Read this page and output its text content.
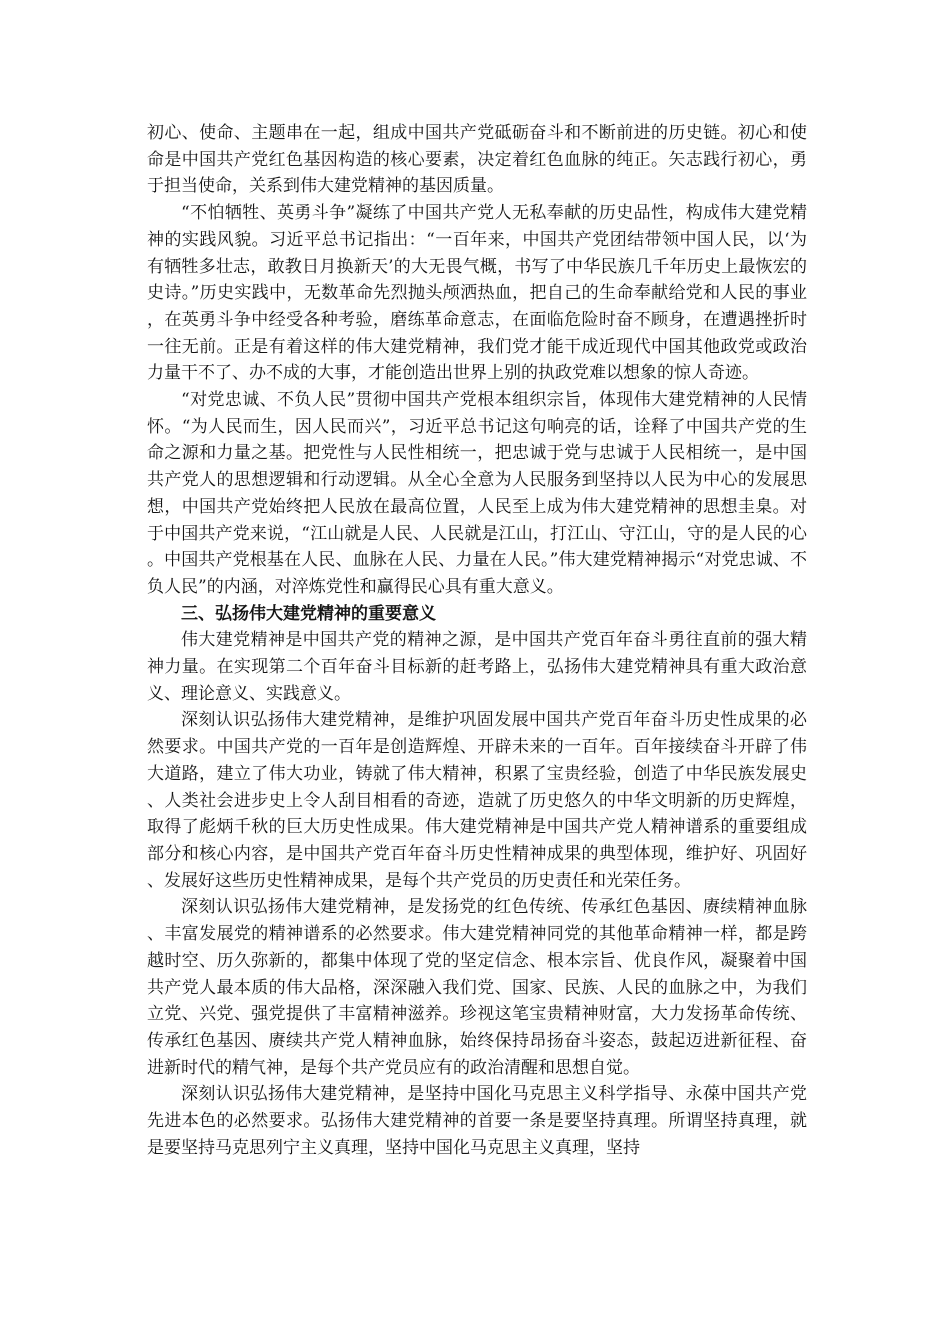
初心、使命、主题串在一起，组成中国共产党砥砺奋斗和不断前进的历史链。初心和使命是中国共产党红色基因构造的核心要素，决定着红色血脉的纯正。矢志践行初心，勇于担当使命，关系到伟大建党精神的基因质量。

“不怕牺牲、英勇斗争”凝练了中国共产党人无私奉献的历史品性，构成伟大建党精神的实践风貌。习近平总书记指出：“一百年来，中国共产党团结带领中国人民，以‘为有牺牲多壮志，敢教日月换新天’的大无畏气概，书写了中华民族几千年历史上最恢宏的史诗。”历史实践中，无数革命先烈抛头颅洒热血，把自己的生命奉献给党和人民的事业，在英勇斗争中经受各种考验，磨练革命意志，在面临危险时奋不顾身，在遭遇挫折时一往无前。正是有着这样的伟大建党精神，我们党才能干成近现代中国其他政党或政治力量干不了、办不成的大事，才能创造出世界上别的执政党难以想象的惊人奇迹。

“对党忠诚、不负人民”贯彻中国共产党根本组织宗旨，体现伟大建党精神的人民情怀。“为人民而生，因人民而兴”，习近平总书记这句响亮的话，诠释了中国共产党的生命之源和力量之基。把党性与人民性相统一，把忠诚于党与忠诚于人民相统一，是中国共产党人的思想逻辑和行动逻辑。从全心全意为人民服务到坚持以人民为中心的发展思想，中国共产党始终把人民放在最高位置，人民至上成为伟大建党精神的思想圭臬。对于中国共产党来说，“江山就是人民、人民就是江山，打江山、守江山，守的是人民的心。中国共产党根基在人民、血脉在人民、力量在人民。”伟大建党精神揭示“对党忠诚、不负人民”的内涵，对淬炼党性和赢得民心具有重大意义。

三、弘扬伟大建党精神的重要意义

伟大建党精神是中国共产党的精神之源，是中国共产党百年奋斗勇往直前的强大精神力量。在实现第二个百年奋斗目标新的赶考路上，弘扬伟大建党精神具有重大政治意义、理论意义、实践意义。

深刻认识弘扬伟大建党精神，是维护巩固发展中国共产党百年奋斗历史性成果的必然要求。中国共产党的一百年是创造辉煌、开辟未来的一百年。百年接续奋斗开辟了伟大道路，建立了伟大功业，铸就了伟大精神，积累了宝贵经验，创造了中华民族发展史、人类社会进步史上令人刮目相看的奇迹，造就了历史悠久的中华文明新的历史辉煌，取得了彪炳千秋的巨大历史性成果。伟大建党精神是中国共产党人精神谱系的重要组成部分和核心内容，是中国共产党百年奋斗历史性精神成果的典型体现，维护好、巩固好、发展好这些历史性精神成果，是每个共产党员的历史责任和光荣任务。

深刻认识弘扬伟大建党精神，是发扬党的红色传统、传承红色基因、赓续精神血脉、丰富发展党的精神谱系的必然要求。伟大建党精神同党的其他革命精神一样，都是跨越时空、历久弥新的，都集中体现了党的坚定信念、根本宗旨、优良作风，凝聚着中国共产党人最本质的伟大品格，深深融入我们党、国家、民族、人民的血脉之中，为我们立党、兴党、强党提供了丰富精神滋养。珍视这笔宝贵精神财富，大力发扬革命传统、传承红色基因、赓续共产党人精神血脉，始终保持昂扬奋斗姿态，鼓起迈进新征程、奋进新时代的精气神，是每个共产党员应有的政治清醒和思想自觉。

深刻认识弘扬伟大建党精神，是坚持中国化马克思主义科学指导、永葆中国共产党先进本色的必然要求。弘扬伟大建党精神的首要一条是要坚持真理。所谓坚持真理，就是要坚持马克思列宁主义真理，坚持中国化马克思主义真理，坚持
